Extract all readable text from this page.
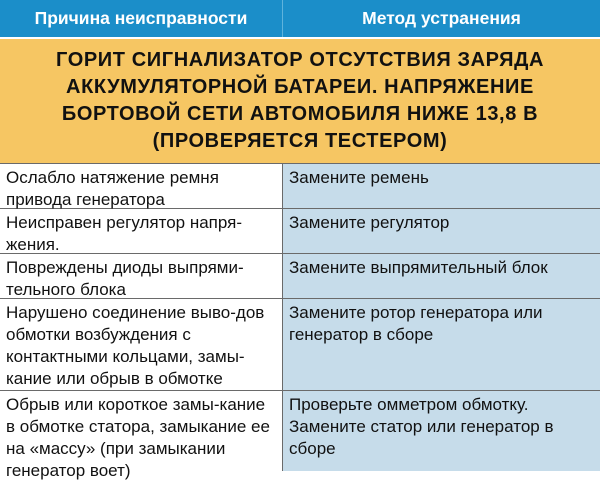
Причина неисправности	Метод устранения
ГОРИТ СИГНАЛИЗАТОР ОТСУТСТВИЯ ЗАРЯДА АККУМУЛЯТОРНОЙ БАТАРЕИ. НАПРЯЖЕНИЕ БОРТОВОЙ СЕТИ АВТОМОБИЛЯ НИЖЕ 13,8 В (ПРОВЕРЯЕТСЯ ТЕСТЕРОМ)
Ослабло натяжение ремня привода генератора
Замените ремень
Неисправен регулятор напря-жения.
Замените регулятор
Повреждены диоды выпрями-тельного блока
Замените выпрямительный блок
Нарушено соединение выво-дов обмотки возбуждения с контактными кольцами, замы-кание или обрыв в обмотке
Замените ротор генератора или генератор в сборе
Обрыв или короткое замы-кание в обмотке статора, замыкание ее на «массу» (при замыкании генератор воет)
Проверьте омметром обмотку. Замените статор или генератор в сборе
